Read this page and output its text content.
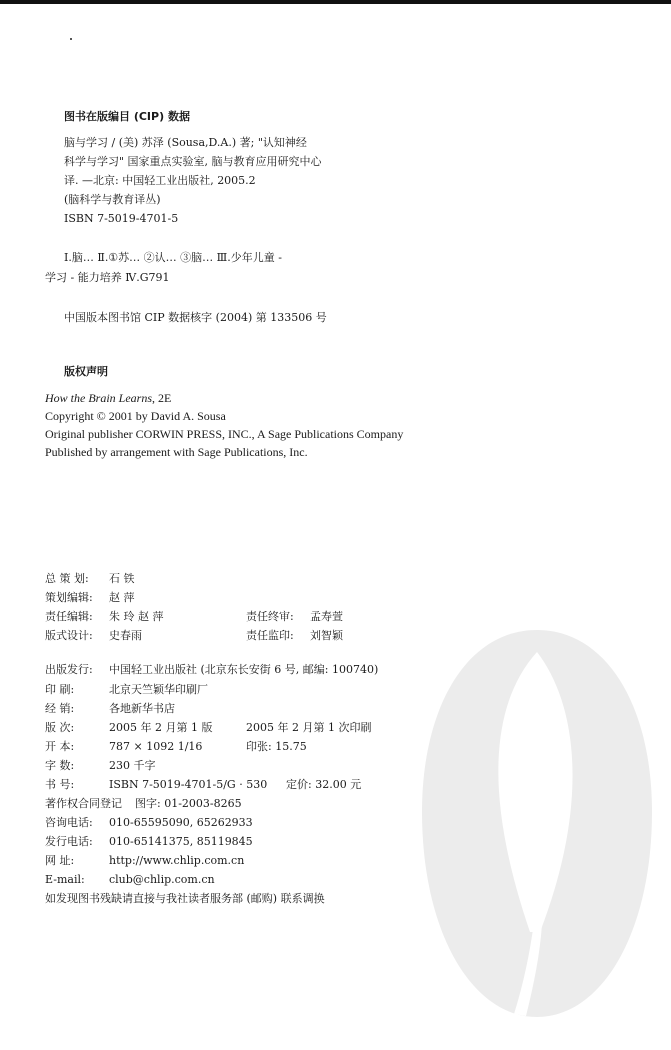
图书在版编目 (CIP) 数据
脑与学习 / (美) 苏泽 (Sousa,D.A.) 著; "认知神经
科学与学习" 国家重点实验室, 脑与教育应用研究中心
译. —北京: 中国轻工业出版社, 2005.2
(脑科学与教育译丛)
ISBN 7-5019-4701-5
Ⅰ.脑… Ⅱ.①苏… ②认… ③脑… Ⅲ.少年儿童 -
学习 - 能力培养 Ⅳ.G791
中国版本图书馆 CIP 数据核字 (2004) 第 133506 号
版权声明
How the Brain Learns, 2E
Copyright © 2001 by David A. Sousa
Original publisher CORWIN PRESS, INC., A Sage Publications Company
Published by arrangement with Sage Publications, Inc.
总 策 划: 石 铁
策划编辑: 赵 萍
责任编辑: 朱 玲 赵 萍	责任终审: 孟寿萱
版式设计: 史春雨	责任监印: 刘智颖
出版发行: 中国轻工业出版社 (北京东长安街 6 号, 邮编: 100740)
印 刷:	北京天竺颖华印刷厂
经 销:	各地新华书店
版 次:	2005 年 2 月第 1 版	2005 年 2 月第 1 次印刷
开 本:	787 × 1092 1/16	印张: 15.75
字 数:	230 千字
书 号:	ISBN 7-5019-4701-5/G · 530 定价: 32.00 元
著作权合同登记 图字: 01-2003-8265
咨询电话: 010-65595090, 65262933
发行电话: 010-65141375, 85119845
网 址:	http://www.chlip.com.cn
E-mail: club@chlip.com.cn
如发现图书残缺请直接与我社读者服务部 (邮购) 联系调换
